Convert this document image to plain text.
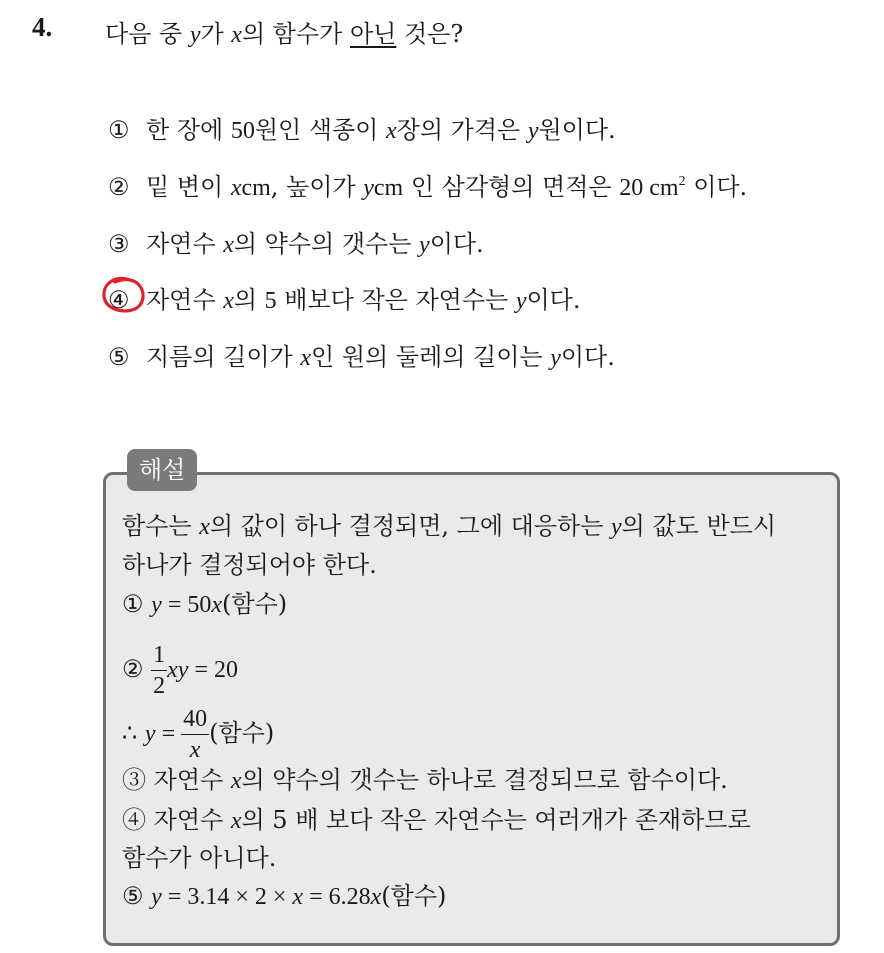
4. 다음 중 y가 x의 함수가 아닌 것은?
① 한 장에 50원인 색종이 x장의 가격은 y원이다.
② 밑 변이 xcm, 높이가 ycm 인 삼각형의 면적은 20 $cm^2$ 이다.
③ 자연수 x의 약수의 갯수는 y이다.
④ 자연수 x의 5 배보다 작은 자연수는 y이다.
⑤ 지름의 길이가 x인 원의 둘레의 길이는 y이다.
해설
함수는 x의 값이 하나 결정되면, 그에 대응하는 y의 값도 반드시
하나가 결정되어야 한다.
① y = 50x(함수)
② $\frac{1}{2}$ xy = 20
∴ $y = \frac{40}{x}$ (함수)
③ 자연수 x의 약수의 갯수는 하나로 결정되므로 함수이다.
④ 자연수 x의 5 배 보다 작은 자연수는 여러개가 존재하므로
함수가 아니다.
⑤ y = 3.14 × 2 × x = 6.28x(함수)
